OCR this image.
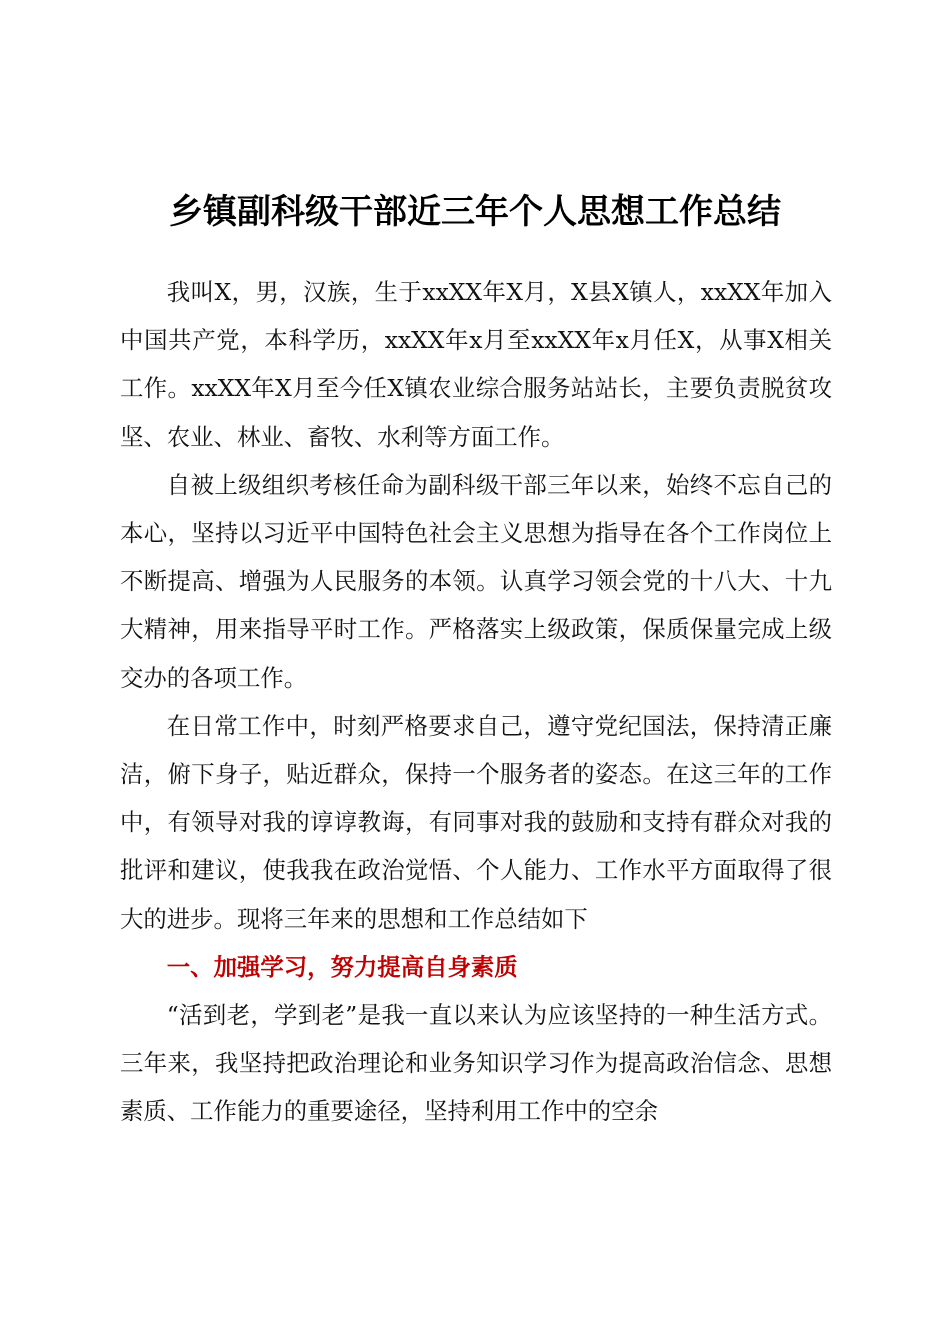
乡镇副科级干部近三年个人思想工作总结

我叫X，男，汉族，生于xxXX年X月，X县X镇人，xxXX年加入中国共产党，本科学历，xxXX年x月至xxXX年x月任X，从事X相关工作。xxXX年X月至今任X镇农业综合服务站站长，主要负责脱贫攻坚、农业、林业、畜牧、水利等方面工作。

自被上级组织考核任命为副科级干部三年以来，始终不忘自己的本心，坚持以习近平中国特色社会主义思想为指导在各个工作岗位上不断提高、增强为人民服务的本领。认真学习领会党的十八大、十九大精神，用来指导平时工作。严格落实上级政策，保质保量完成上级交办的各项工作。

在日常工作中，时刻严格要求自己，遵守党纪国法，保持清正廉洁，俯下身子，贴近群众，保持一个服务者的姿态。在这三年的工作中，有领导对我的谆谆教诲，有同事对我的鼓励和支持有群众对我的批评和建议，使我我在政治觉悟、个人能力、工作水平方面取得了很大的进步。现将三年来的思想和工作总结如下

一、加强学习，努力提高自身素质

“活到老，学到老”是我一直以来认为应该坚持的一种生活方式。三年来，我坚持把政治理论和业务知识学习作为提高政治信念、思想素质、工作能力的重要途径，坚持利用工作中的空余
